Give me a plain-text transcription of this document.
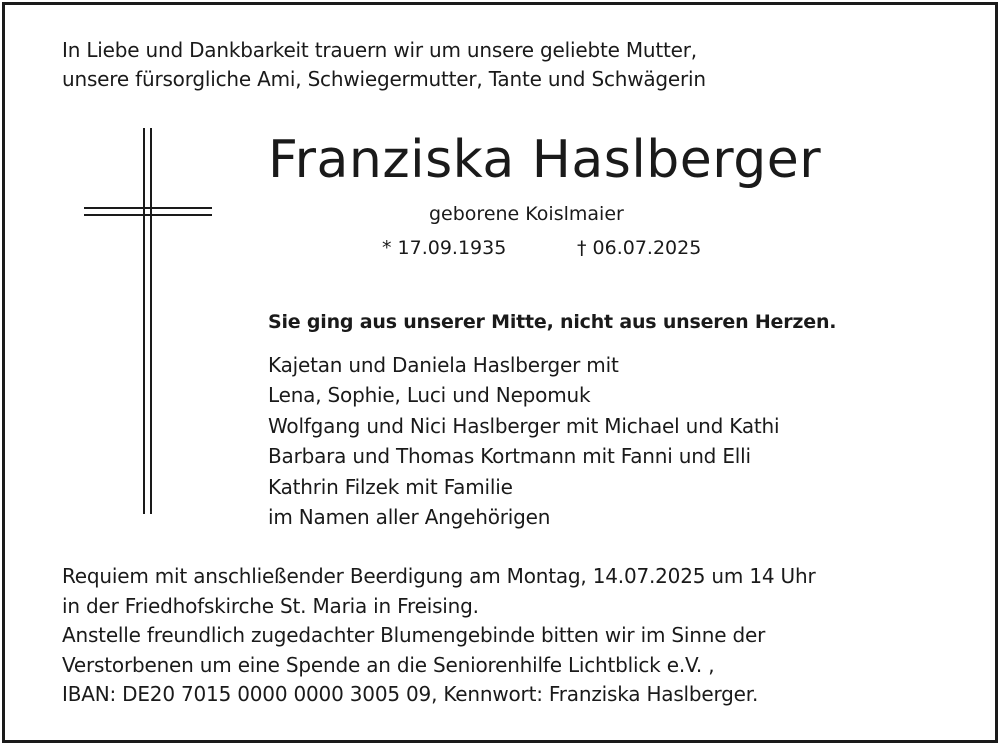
In Liebe und Dankbarkeit trauern wir um unsere geliebte Mutter,
unsere fürsorgliche Ami, Schwiegermutter, Tante und Schwägerin
Franziska Haslberger
geborene Koislmaier
* 17.09.1935	† 06.07.2025
Sie ging aus unserer Mitte, nicht aus unseren Herzen.
Kajetan und Daniela Haslberger mit
Lena, Sophie, Luci und Nepomuk
Wolfgang und Nici Haslberger mit Michael und Kathi
Barbara und Thomas Kortmann mit Fanni und Elli
Kathrin Filzek mit Familie
im Namen aller Angehörigen
Requiem mit anschließender Beerdigung am Montag, 14.07.2025 um 14 Uhr
in der Friedhofskirche St. Maria in Freising.
Anstelle freundlich zugedachter Blumengebinde bitten wir im Sinne der
Verstorbenen um eine Spende an die Seniorenhilfe Lichtblick e.V. ,
IBAN: DE20 7015 0000 0000 3005 09, Kennwort: Franziska Haslberger.
